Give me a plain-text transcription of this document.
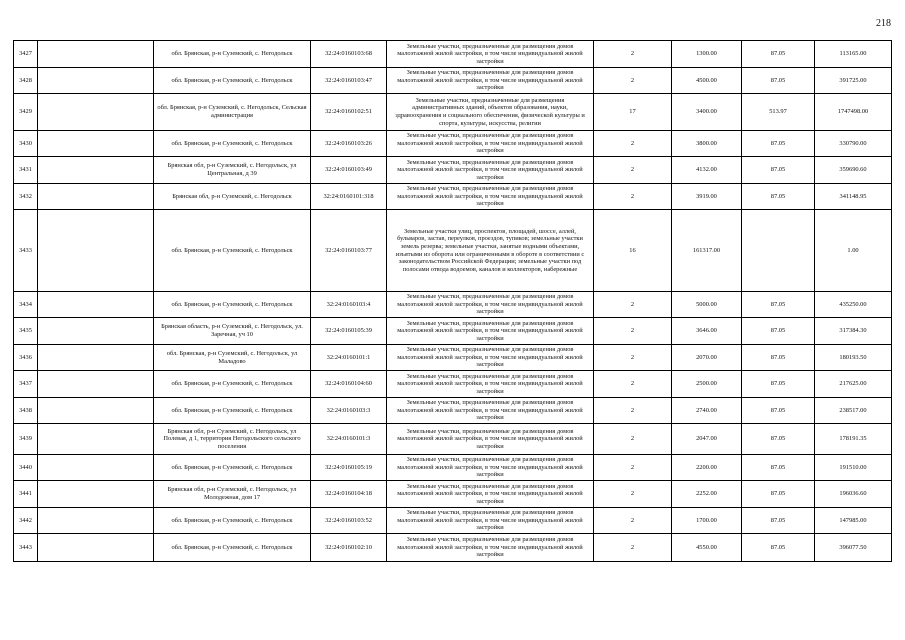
218
3427		обл. Брянская, р-н Суземский, с. Негодольск	32:24:0160103:68	Земельные участки, предназначенные для размещения домов малоэтажной жилой застройки, в том числе индивидуальной жилой застройки	2	1300.00	87.05	113165.00
3428		обл. Брянская, р-н Суземский, с. Негодольск	32:24:0160103:47	Земельные участки, предназначенные для размещения домов малоэтажной жилой застройки, в том числе индивидуальной жилой застройки	2	4500.00	87.05	391725.00
3429		обл. Брянская, р-н Суземский, с. Негодольск, Сельская администрация	32:24:0160102:51	Земельные участки, предназначенные для размещения административных зданий, объектов образования, науки, здравоохранения и социального обеспечения, физической культуры и спорта, культуры, искусства, религии	17	3400.00	513.97	1747498.00
3430		обл. Брянская, р-н Суземский, с. Негодольск	32:24:0160103:26	Земельные участки, предназначенные для размещения домов малоэтажной жилой застройки, в том числе индивидуальной жилой застройки	2	3800.00	87.05	330790.00
3431		Брянская обл, р-н Суземский, с. Негодольск, ул Центральная, д 39	32:24:0160103:49	Земельные участки, предназначенные для размещения домов малоэтажной жилой застройки, в том числе индивидуальной жилой застройки	2	4132.00	87.05	359690.60
3432		Брянская обл, р-н Суземский, с. Негодольск	32:24:0160101:318	Земельные участки, предназначенные для размещения домов малоэтажной жилой застройки, в том числе индивидуальной жилой застройки	2	3919.00	87.05	341148.95
3433		обл. Брянская, р-н Суземский, с. Негодольск	32:24:0160103:77	Земельные участки улиц, проспектов, площадей, шоссе, аллей, бульваров, застав, переулков, проездов, тупиков; земельные участки земель резерва; земельные участки, занятые водными объектами, изъятыми из оборота или ограниченными в обороте в соответствии с законодательством Российской Федерации; земельные участки под полосами отвода водоемов, каналов и коллекторов, набережные	16	161317.00		1.00
3434		обл. Брянская, р-н Суземский, с. Негодольск	32:24:0160103:4	Земельные участки, предназначенные для размещения домов малоэтажной жилой застройки, в том числе индивидуальной жилой застройки	2	5000.00	87.05	435250.00
3435		Брянская область, р-н Суземский, с. Негодольск, ул. Заречная, уч 10	32:24:0160105:39	Земельные участки, предназначенные для размещения домов малоэтажной жилой застройки, в том числе индивидуальной жилой застройки	2	3646.00	87.05	317384.30
3436		обл. Брянская, р-н Суземский, с. Негодольск, ул Маладово	32:24:0160101:1	Земельные участки, предназначенные для размещения домов малоэтажной жилой застройки, в том числе индивидуальной жилой застройки	2	2070.00	87.05	180193.50
3437		обл. Брянская, р-н Суземский, с. Негодольск	32:24:0160104:60	Земельные участки, предназначенные для размещения домов малоэтажной жилой застройки, в том числе индивидуальной жилой застройки	2	2500.00	87.05	217625.00
3438		обл. Брянская, р-н Суземский, с. Негодольск	32:24:0160103:3	Земельные участки, предназначенные для размещения домов малоэтажной жилой застройки, в том числе индивидуальной жилой застройки	2	2740.00	87.05	238517.00
3439		Брянская обл, р-н Суземский, с. Негодольск, ул Полевая, д 1, территория Негодольского сельского поселения	32:24:0160101:3	Земельные участки, предназначенные для размещения домов малоэтажной жилой застройки, в том числе индивидуальной жилой застройки	2	2047.00	87.05	178191.35
3440		обл. Брянская, р-н Суземский, с. Негодольск	32:24:0160105:19	Земельные участки, предназначенные для размещения домов малоэтажной жилой застройки, в том числе индивидуальной жилой застройки	2	2200.00	87.05	191510.00
3441		Брянская обл, р-н Суземский, с. Негодольск, ул Молодежная, дом 17	32:24:0160104:18	Земельные участки, предназначенные для размещения домов малоэтажной жилой застройки, в том числе индивидуальной жилой застройки	2	2252.00	87.05	196036.60
3442		обл. Брянская, р-н Суземский, с. Негодольск	32:24:0160103:52	Земельные участки, предназначенные для размещения домов малоэтажной жилой застройки, в том числе индивидуальной жилой застройки	2	1700.00	87.05	147985.00
3443		обл. Брянская, р-н Суземский, с. Негодольск	32:24:0160102:10	Земельные участки, предназначенные для размещения домов малоэтажной жилой застройки, в том числе индивидуальной жилой застройки	2	4550.00	87.05	396077.50
